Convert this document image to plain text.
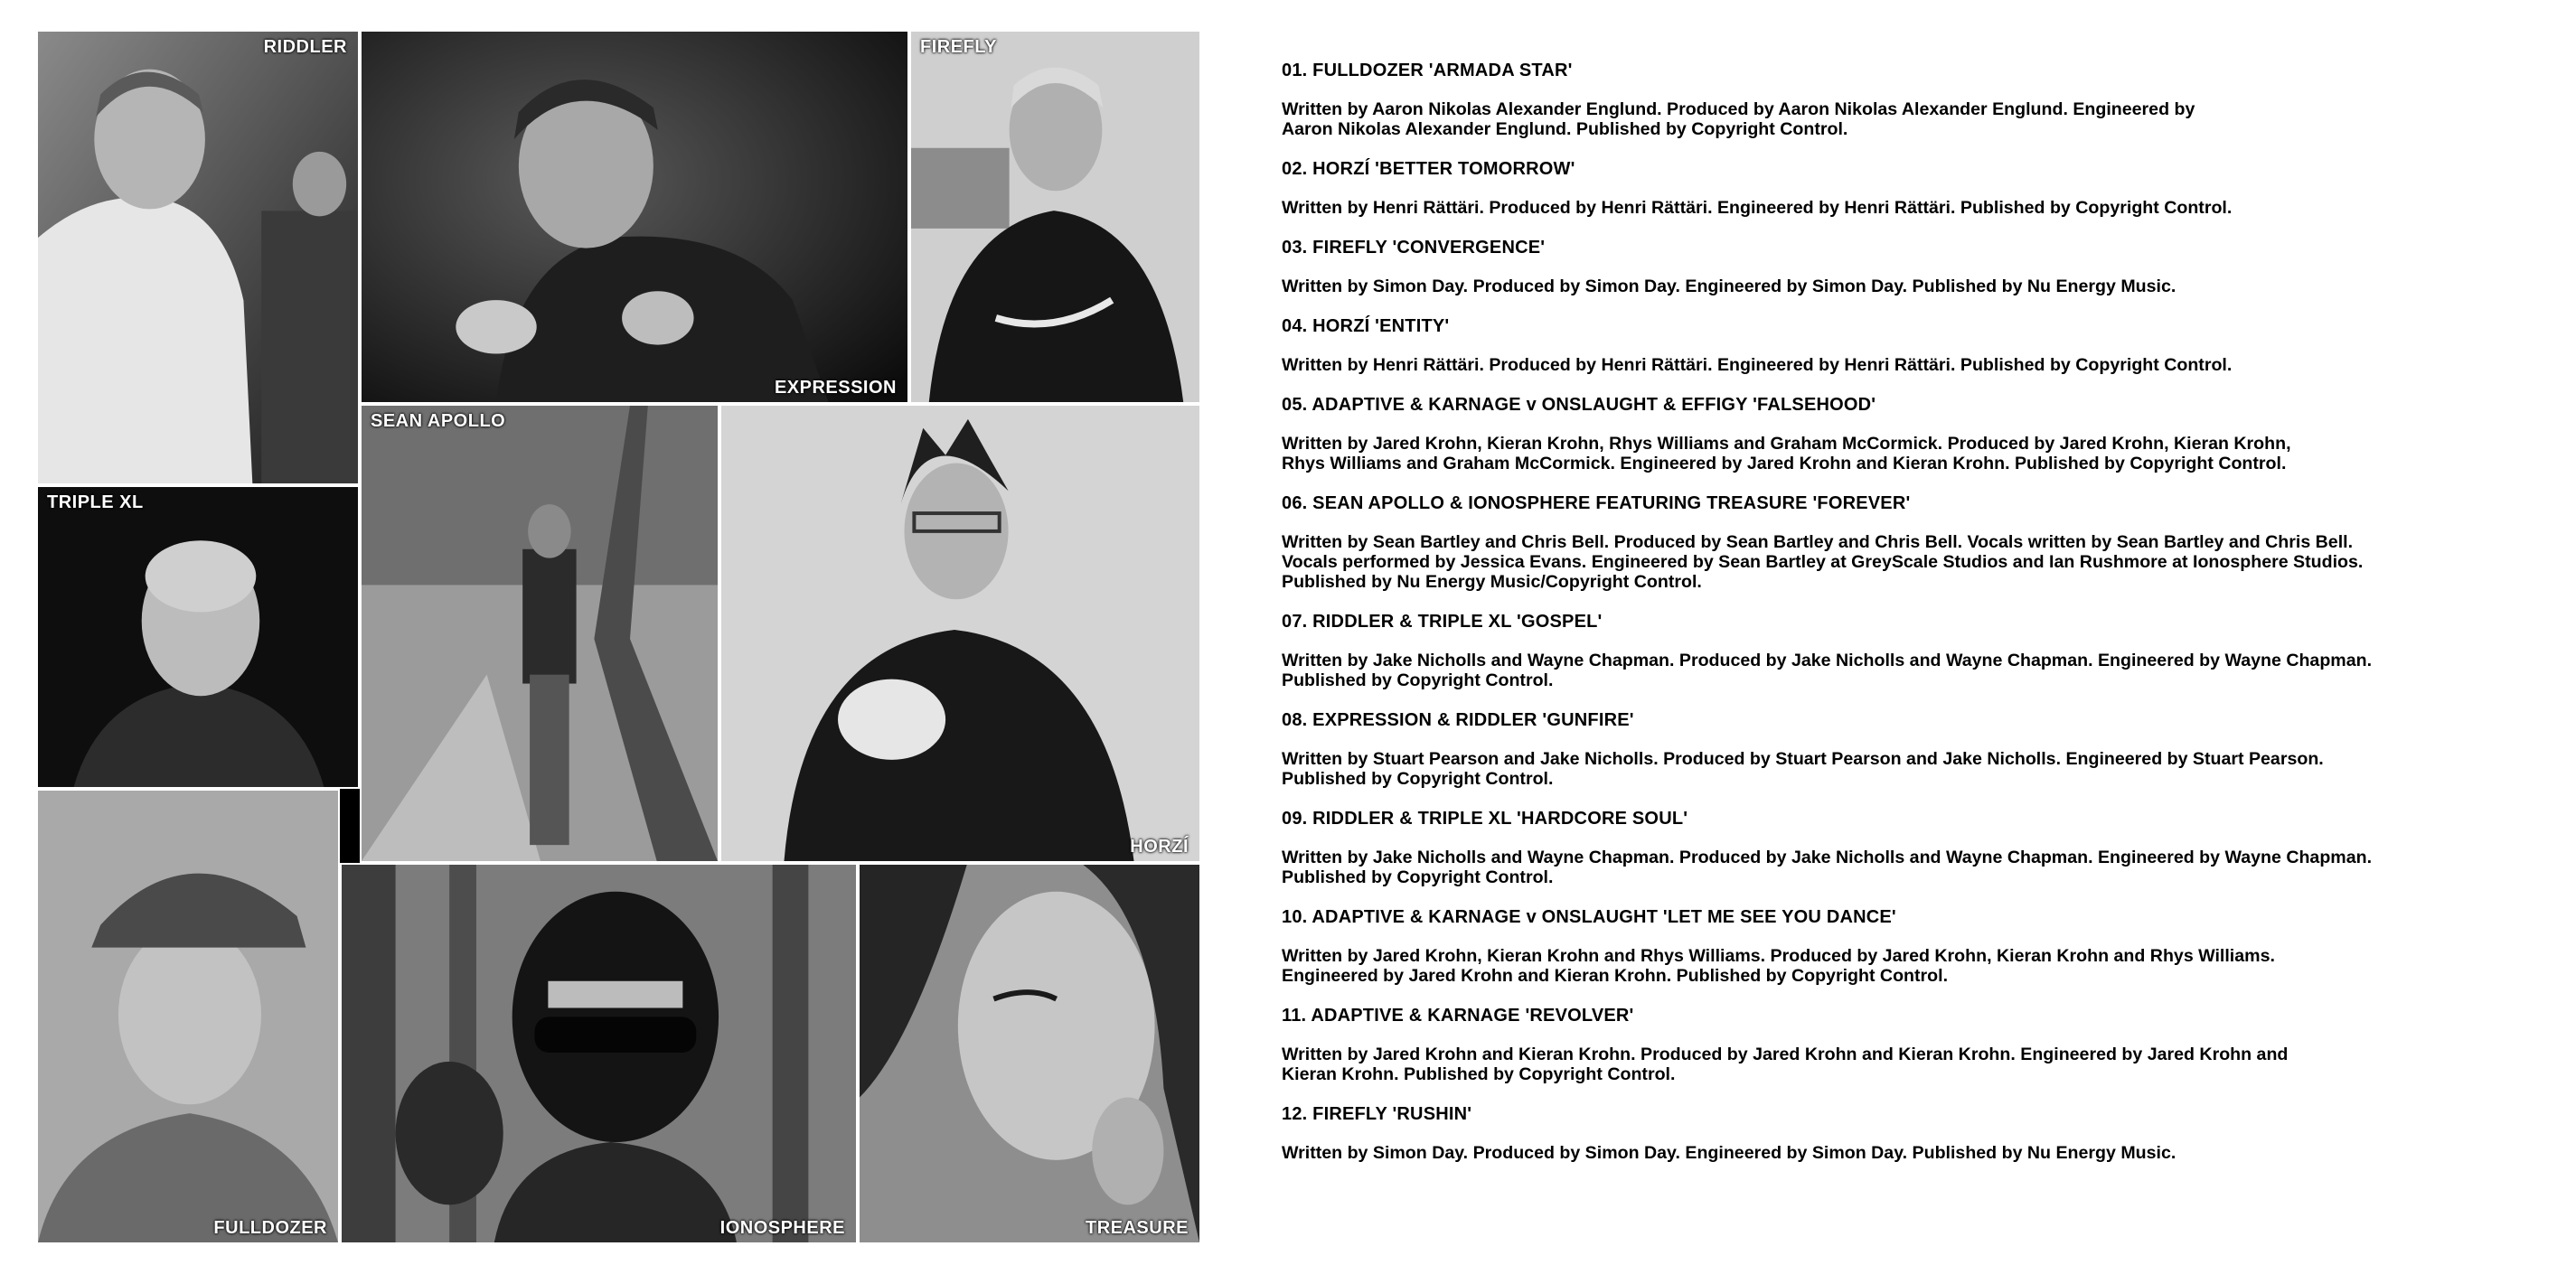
RIDDLER
EXPRESSION
FIREFLY
TRIPLE XL
SEAN APOLLO
HORZÍ
FULLDOZER	IONOSPHERE	TREASURE

01. FULLDOZER 'ARMADA STAR'

Written by Aaron Nikolas Alexander Englund. Produced by Aaron Nikolas Alexander Englund. Engineered by
Aaron Nikolas Alexander Englund. Published by Copyright Control.

02. HORZÍ 'BETTER TOMORROW'

Written by Henri Rättäri. Produced by Henri Rättäri. Engineered by Henri Rättäri. Published by Copyright Control.

03. FIREFLY 'CONVERGENCE'

Written by Simon Day. Produced by Simon Day. Engineered by Simon Day. Published by Nu Energy Music.

04. HORZÍ 'ENTITY'

Written by Henri Rättäri. Produced by Henri Rättäri. Engineered by Henri Rättäri. Published by Copyright Control.

05. ADAPTIVE & KARNAGE v ONSLAUGHT & EFFIGY 'FALSEHOOD'

Written by Jared Krohn, Kieran Krohn, Rhys Williams and Graham McCormick. Produced by Jared Krohn, Kieran Krohn,
Rhys Williams and Graham McCormick. Engineered by Jared Krohn and Kieran Krohn. Published by Copyright Control.

06. SEAN APOLLO & IONOSPHERE FEATURING TREASURE 'FOREVER'

Written by Sean Bartley and Chris Bell. Produced by Sean Bartley and Chris Bell. Vocals written by Sean Bartley and Chris Bell.
Vocals performed by Jessica Evans. Engineered by Sean Bartley at GreyScale Studios and Ian Rushmore at Ionosphere Studios.
Published by Nu Energy Music/Copyright Control.

07. RIDDLER & TRIPLE XL 'GOSPEL'

Written by Jake Nicholls and Wayne Chapman. Produced by Jake Nicholls and Wayne Chapman. Engineered by Wayne Chapman.
Published by Copyright Control.

08. EXPRESSION & RIDDLER 'GUNFIRE'

Written by Stuart Pearson and Jake Nicholls. Produced by Stuart Pearson and Jake Nicholls. Engineered by Stuart Pearson.
Published by Copyright Control.

09. RIDDLER & TRIPLE XL 'HARDCORE SOUL'

Written by Jake Nicholls and Wayne Chapman. Produced by Jake Nicholls and Wayne Chapman. Engineered by Wayne Chapman.
Published by Copyright Control.

10. ADAPTIVE & KARNAGE v ONSLAUGHT 'LET ME SEE YOU DANCE'

Written by Jared Krohn, Kieran Krohn and Rhys Williams. Produced by Jared Krohn, Kieran Krohn and Rhys Williams.
Engineered by Jared Krohn and Kieran Krohn. Published by Copyright Control.

11. ADAPTIVE & KARNAGE 'REVOLVER'

Written by Jared Krohn and Kieran Krohn. Produced by Jared Krohn and Kieran Krohn. Engineered by Jared Krohn and
Kieran Krohn. Published by Copyright Control.

12. FIREFLY 'RUSHIN'

Written by Simon Day. Produced by Simon Day. Engineered by Simon Day. Published by Nu Energy Music.
